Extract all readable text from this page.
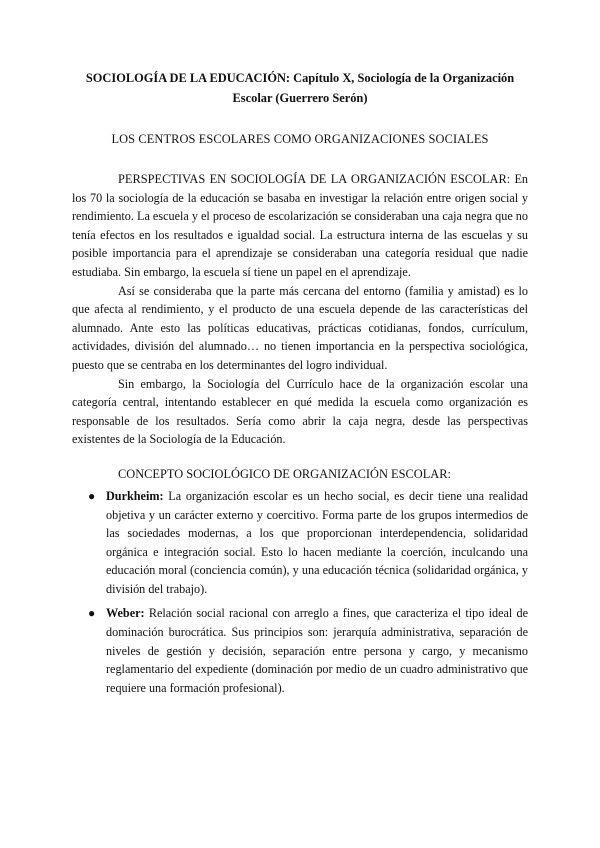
SOCIOLOGÍA DE LA EDUCACIÓN: Capítulo X, Sociología de la Organización Escolar (Guerrero Serón)
LOS CENTROS ESCOLARES COMO ORGANIZACIONES SOCIALES

PERSPECTIVAS EN SOCIOLOGÍA DE LA ORGANIZACIÓN ESCOLAR: En los 70 la sociología de la educación se basaba en investigar la relación entre origen social y rendimiento. La escuela y el proceso de escolarización se consideraban una caja negra que no tenía efectos en los resultados e igualdad social. La estructura interna de las escuelas y su posible importancia para el aprendizaje se consideraban una categoría residual que nadie estudiaba. Sin embargo, la escuela sí tiene un papel en el aprendizaje.

Así se consideraba que la parte más cercana del entorno (familia y amistad) es lo que afecta al rendimiento, y el producto de una escuela depende de las características del alumnado. Ante esto las políticas educativas, prácticas cotidianas, fondos, currículum, actividades, división del alumnado… no tienen importancia en la perspectiva sociológica, puesto que se centraba en los determinantes del logro individual.

Sin embargo, la Sociología del Currículo hace de la organización escolar una categoría central, intentando establecer en qué medida la escuela como organización es responsable de los resultados. Sería como abrir la caja negra, desde las perspectivas existentes de la Sociología de la Educación.

CONCEPTO SOCIOLÓGICO DE ORGANIZACIÓN ESCOLAR:
● Durkheim: La organización escolar es un hecho social, es decir tiene una realidad objetiva y un carácter externo y coercitivo. Forma parte de los grupos intermedios de las sociedades modernas, a los que proporcionan interdependencia, solidaridad orgánica e integración social. Esto lo hacen mediante la coerción, inculcando una educación moral (conciencia común), y una educación técnica (solidaridad orgánica, y división del trabajo).

● Weber: Relación social racional con arreglo a fines, que caracteriza el tipo ideal de dominación burocrática. Sus principios son: jerarquía administrativa, separación de niveles de gestión y decisión, separación entre persona y cargo, y mecanismo reglamentario del expediente (dominación por medio de un cuadro administrativo que requiere una formación profesional).
